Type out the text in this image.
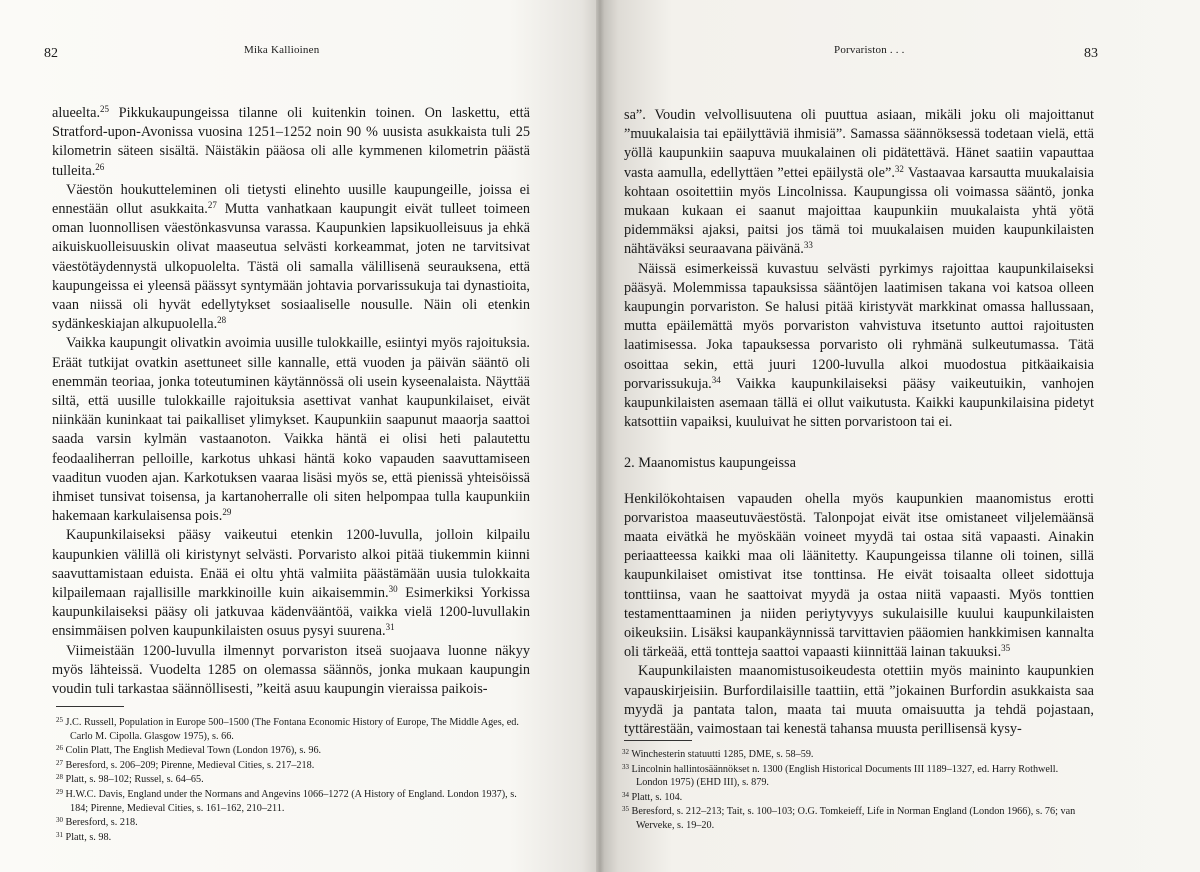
82	Mika Kallioinen

alueelta.$^{25}$ Pikkukaupungeissa tilanne oli kuitenkin toinen. On laskettu, että Stratford-upon-Avonissa vuosina 1251–1252 noin 90 % uusista asukkaista tuli 25 kilometrin säteen sisältä. Näistäkin pääosa oli alle kymmenen kilometrin päästä tulleita.$^{26}$

Väestön houkutteleminen oli tietysti elinehto uusille kaupungeille, joissa ei ennestään ollut asukkaita.$^{27}$ Mutta vanhatkaan kaupungit eivät tulleet toimeen oman luonnollisen väestönkasvunsa varassa. Kaupunkien lapsikuolleisuus ja ehkä aikuiskuolleisuuskin olivat maaseutua selvästi korkeammat, joten ne tarvitsivat väestötäydennystä ulkopuolelta. Tästä oli samalla välillisenä seurauksena, että kaupungeissa ei yleensä päässyt syntymään johtavia porvarissukuja tai dynastioita, vaan niissä oli hyvät edellytykset sosiaaliselle nousulle. Näin oli etenkin sydänkeskiajan alkupuolella.$^{28}$

Vaikka kaupungit olivatkin avoimia uusille tulokkaille, esiintyi myös rajoituksia. Eräät tutkijat ovatkin asettuneet sille kannalle, että vuoden ja päivän sääntö oli enemmän teoriaa, jonka toteutuminen käytännössä oli usein kyseenalaista. Näyttää siltä, että uusille tulokkaille rajoituksia asettivat vanhat kaupunkilaiset, eivät niinkään kuninkaat tai paikalliset ylimykset. Kaupunkiin saapunut maaorja saattoi saada varsin kylmän vastaanoton. Vaikka häntä ei olisi heti palautettu feodaaliherran pelloille, karkotus uhkasi häntä koko vapauden saavuttamiseen vaaditun vuoden ajan. Karkotuksen vaaraa lisäsi myös se, että pienissä yhteisöissä ihmiset tunsivat toisensa, ja kartanoherralle oli siten helpompaa tulla kaupunkiin hakemaan karkulaisensa pois.$^{29}$

Kaupunkilaiseksi pääsy vaikeutui etenkin 1200-luvulla, jolloin kilpailu kaupunkien välillä oli kiristynyt selvästi. Porvaristo alkoi pitää tiukemmin kiinni saavuttamistaan eduista. Enää ei oltu yhtä valmiita päästämään uusia tulokkaita kilpailemaan rajallisille markkinoille kuin aikaisemmin.$^{30}$ Esimerkiksi Yorkissa kaupunkilaiseksi pääsy oli jatkuvaa kädenvääntöä, vaikka vielä 1200-luvullakin ensimmäisen polven kaupunkilaisten osuus pysyi suurena.$^{31}$

Viimeistään 1200-luvulla ilmennyt porvariston itseä suojaava luonne näkyy myös lähteissä. Vuodelta 1285 on olemassa säännös, jonka mukaan kaupungin voudin tuli tarkastaa säännöllisesti, ”keitä asuu kaupungin vieraissa paikois-

$^{25}$ J.C. Russell, Population in Europe 500–1500 (The Fontana Economic History of Europe, The Middle Ages, ed. Carlo M. Cipolla. Glasgow 1975), s. 66.
$^{26}$ Colin Platt, The English Medieval Town (London 1976), s. 96.
$^{27}$ Beresford, s. 206–209; Pirenne, Medieval Cities, s. 217–218.
$^{28}$ Platt, s. 98–102; Russel, s. 64–65.
$^{29}$ H.W.C. Davis, England under the Normans and Angevins 1066–1272 (A History of England. London 1937), s. 184; Pirenne, Medieval Cities, s. 161–162, 210–211.
$^{30}$ Beresford, s. 218.
$^{31}$ Platt, s. 98.
Porvariston . . .	83

sa”. Voudin velvollisuutena oli puuttua asiaan, mikäli joku oli majoittanut ”muukalaisia tai epäilyttäviä ihmisiä”. Samassa säännöksessä todetaan vielä, että yöllä kaupunkiin saapuva muukalainen oli pidätettävä. Hänet saatiin vapauttaa vasta aamulla, edellyttäen ”ettei epäilystä ole”.$^{32}$ Vastaavaa karsauttа muukalaisia kohtaan osoitettiin myös Lincolnissa. Kaupungissa oli voimassa sääntö, jonka mukaan kukaan ei saanut majoittaa kaupunkiin muukalaista yhtä yötä pidemmäksi ajaksi, paitsi jos tämä toi muukalaisen muiden kaupunkilaisten nähtäväksi seuraavana päivänä.$^{33}$

Näissä esimerkeissä kuvastuu selvästi pyrkimys rajoittaa kaupunkilaiseksi pääsyä. Molemmissa tapauksissa sääntöjen laatimisen takana voi katsoa olleen kaupungin porvariston. Se halusi pitää kiristyvät markkinat omassa hallussaan, mutta epäilemättä myös porvariston vahvistuva itsetunto auttoi rajoitusten laatimisessa. Joka tapauksessa porvaristo oli ryhmänä sulkeutumassa. Tätä osoittaa sekin, että juuri 1200-luvulla alkoi muodostua pitkäaikaisia porvarissukuja.$^{34}$ Vaikka kaupunkilaiseksi pääsy vaikeutuikin, vanhojen kaupunkilaisten asemaan tällä ei ollut vaikutusta. Kaikki kaupunkilaisina pidetyt katsottiin vapaiksi, kuuluivat he sitten porvaristoon tai ei.

2. Maanomistus kaupungeissa

Henkilökohtaisen vapauden ohella myös kaupunkien maanomistus erotti porvaristoa maaseutuväestöstä. Talonpojat eivät itse omistaneet viljelemäänsä maata eivätkä he myöskään voineet myydä tai ostaa sitä vapaasti. Ainakin periaatteessa kaikki maa oli läänitetty. Kaupungeissa tilanne oli toinen, sillä kaupunkilaiset omistivat itse tonttinsa. He eivät toisaalta olleet sidottuja tonttiinsa, vaan he saattoivat myydä ja ostaa niitä vapaasti. Myös tonttien testamenttaaminen ja niiden periytyvyys sukulaisille kuului kaupunkilaisten oikeuksiin. Lisäksi kaupankäynnissä tarvittavien pääomien hankkimisen kannalta oli tärkeää, että tontteja saattoi vapaasti kiinnittää lainan takuuksi.$^{35}$

Kaupunkilaisten maanomistusoikeudesta otettiin myös maininto kaupunkien vapauskirjeisiin. Burfordilaisille taattiin, että ”jokainen Burfordin asukkaista saa myydä ja pantata talon, maata tai muuta omaisuutta ja tehdä pojastaan, tyttärestään, vaimostaan tai kenestä tahansa muusta perillisensä kysy-

$^{32}$ Winchesterin statuutti 1285, DME, s. 58–59.
$^{33}$ Lincolnin hallintosäännökset n. 1300 (English Historical Documents III 1189–1327, ed. Harry Rothwell. London 1975) (EHD III), s. 879.
$^{34}$ Platt, s. 104.
$^{35}$ Beresford, s. 212–213; Tait, s. 100–103; O.G. Tomkeieff, Life in Norman England (London 1966), s. 76; van Werveke, s. 19–20.
